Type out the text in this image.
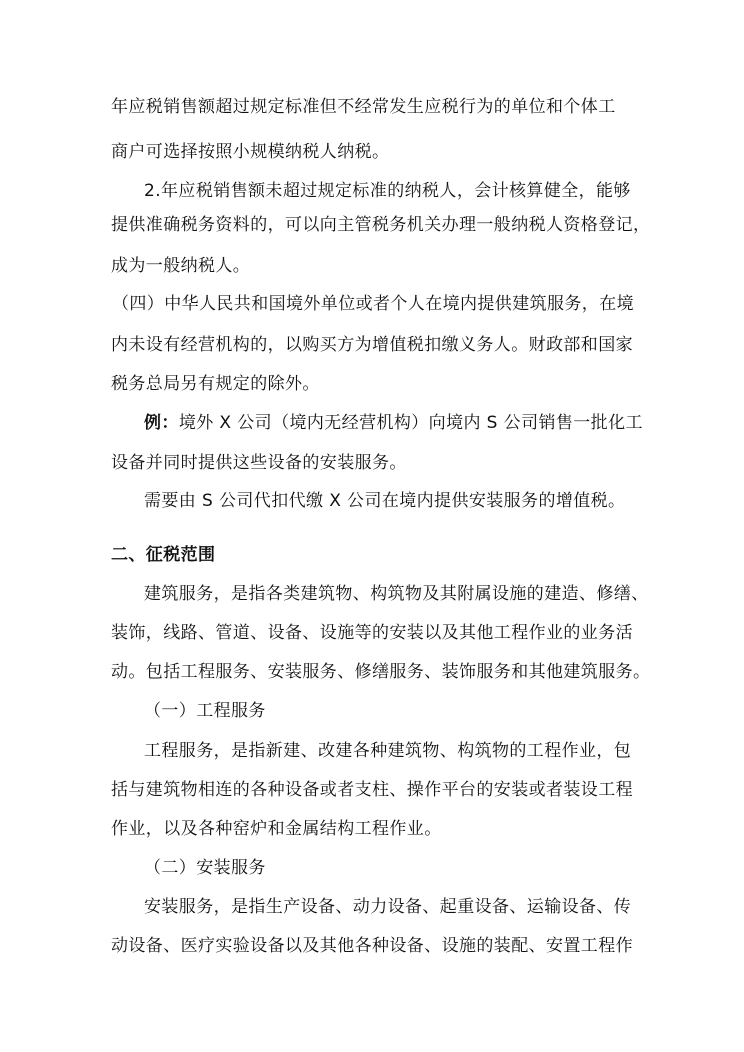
年应税销售额超过规定标准但不经常发生应税行为的单位和个体工
商户可选择按照小规模纳税人纳税。
2.年应税销售额未超过规定标准的纳税人，会计核算健全，能够
提供准确税务资料的，可以向主管税务机关办理一般纳税人资格登记，
成为一般纳税人。
（四）中华人民共和国境外单位或者个人在境内提供建筑服务，在境
内未设有经营机构的，以购买方为增值税扣缴义务人。财政部和国家
税务总局另有规定的除外。
例：境外 X 公司（境内无经营机构）向境内 S 公司销售一批化工
设备并同时提供这些设备的安装服务。
需要由 S 公司代扣代缴 X 公司在境内提供安装服务的增值税。
二、征税范围
建筑服务，是指各类建筑物、构筑物及其附属设施的建造、修缮、
装饰，线路、管道、设备、设施等的安装以及其他工程作业的业务活
动。包括工程服务、安装服务、修缮服务、装饰服务和其他建筑服务。
（一）工程服务
工程服务，是指新建、改建各种建筑物、构筑物的工程作业，包
括与建筑物相连的各种设备或者支柱、操作平台的安装或者装设工程
作业，以及各种窑炉和金属结构工程作业。
（二）安装服务
安装服务，是指生产设备、动力设备、起重设备、运输设备、传
动设备、医疗实验设备以及其他各种设备、设施的装配、安置工程作
